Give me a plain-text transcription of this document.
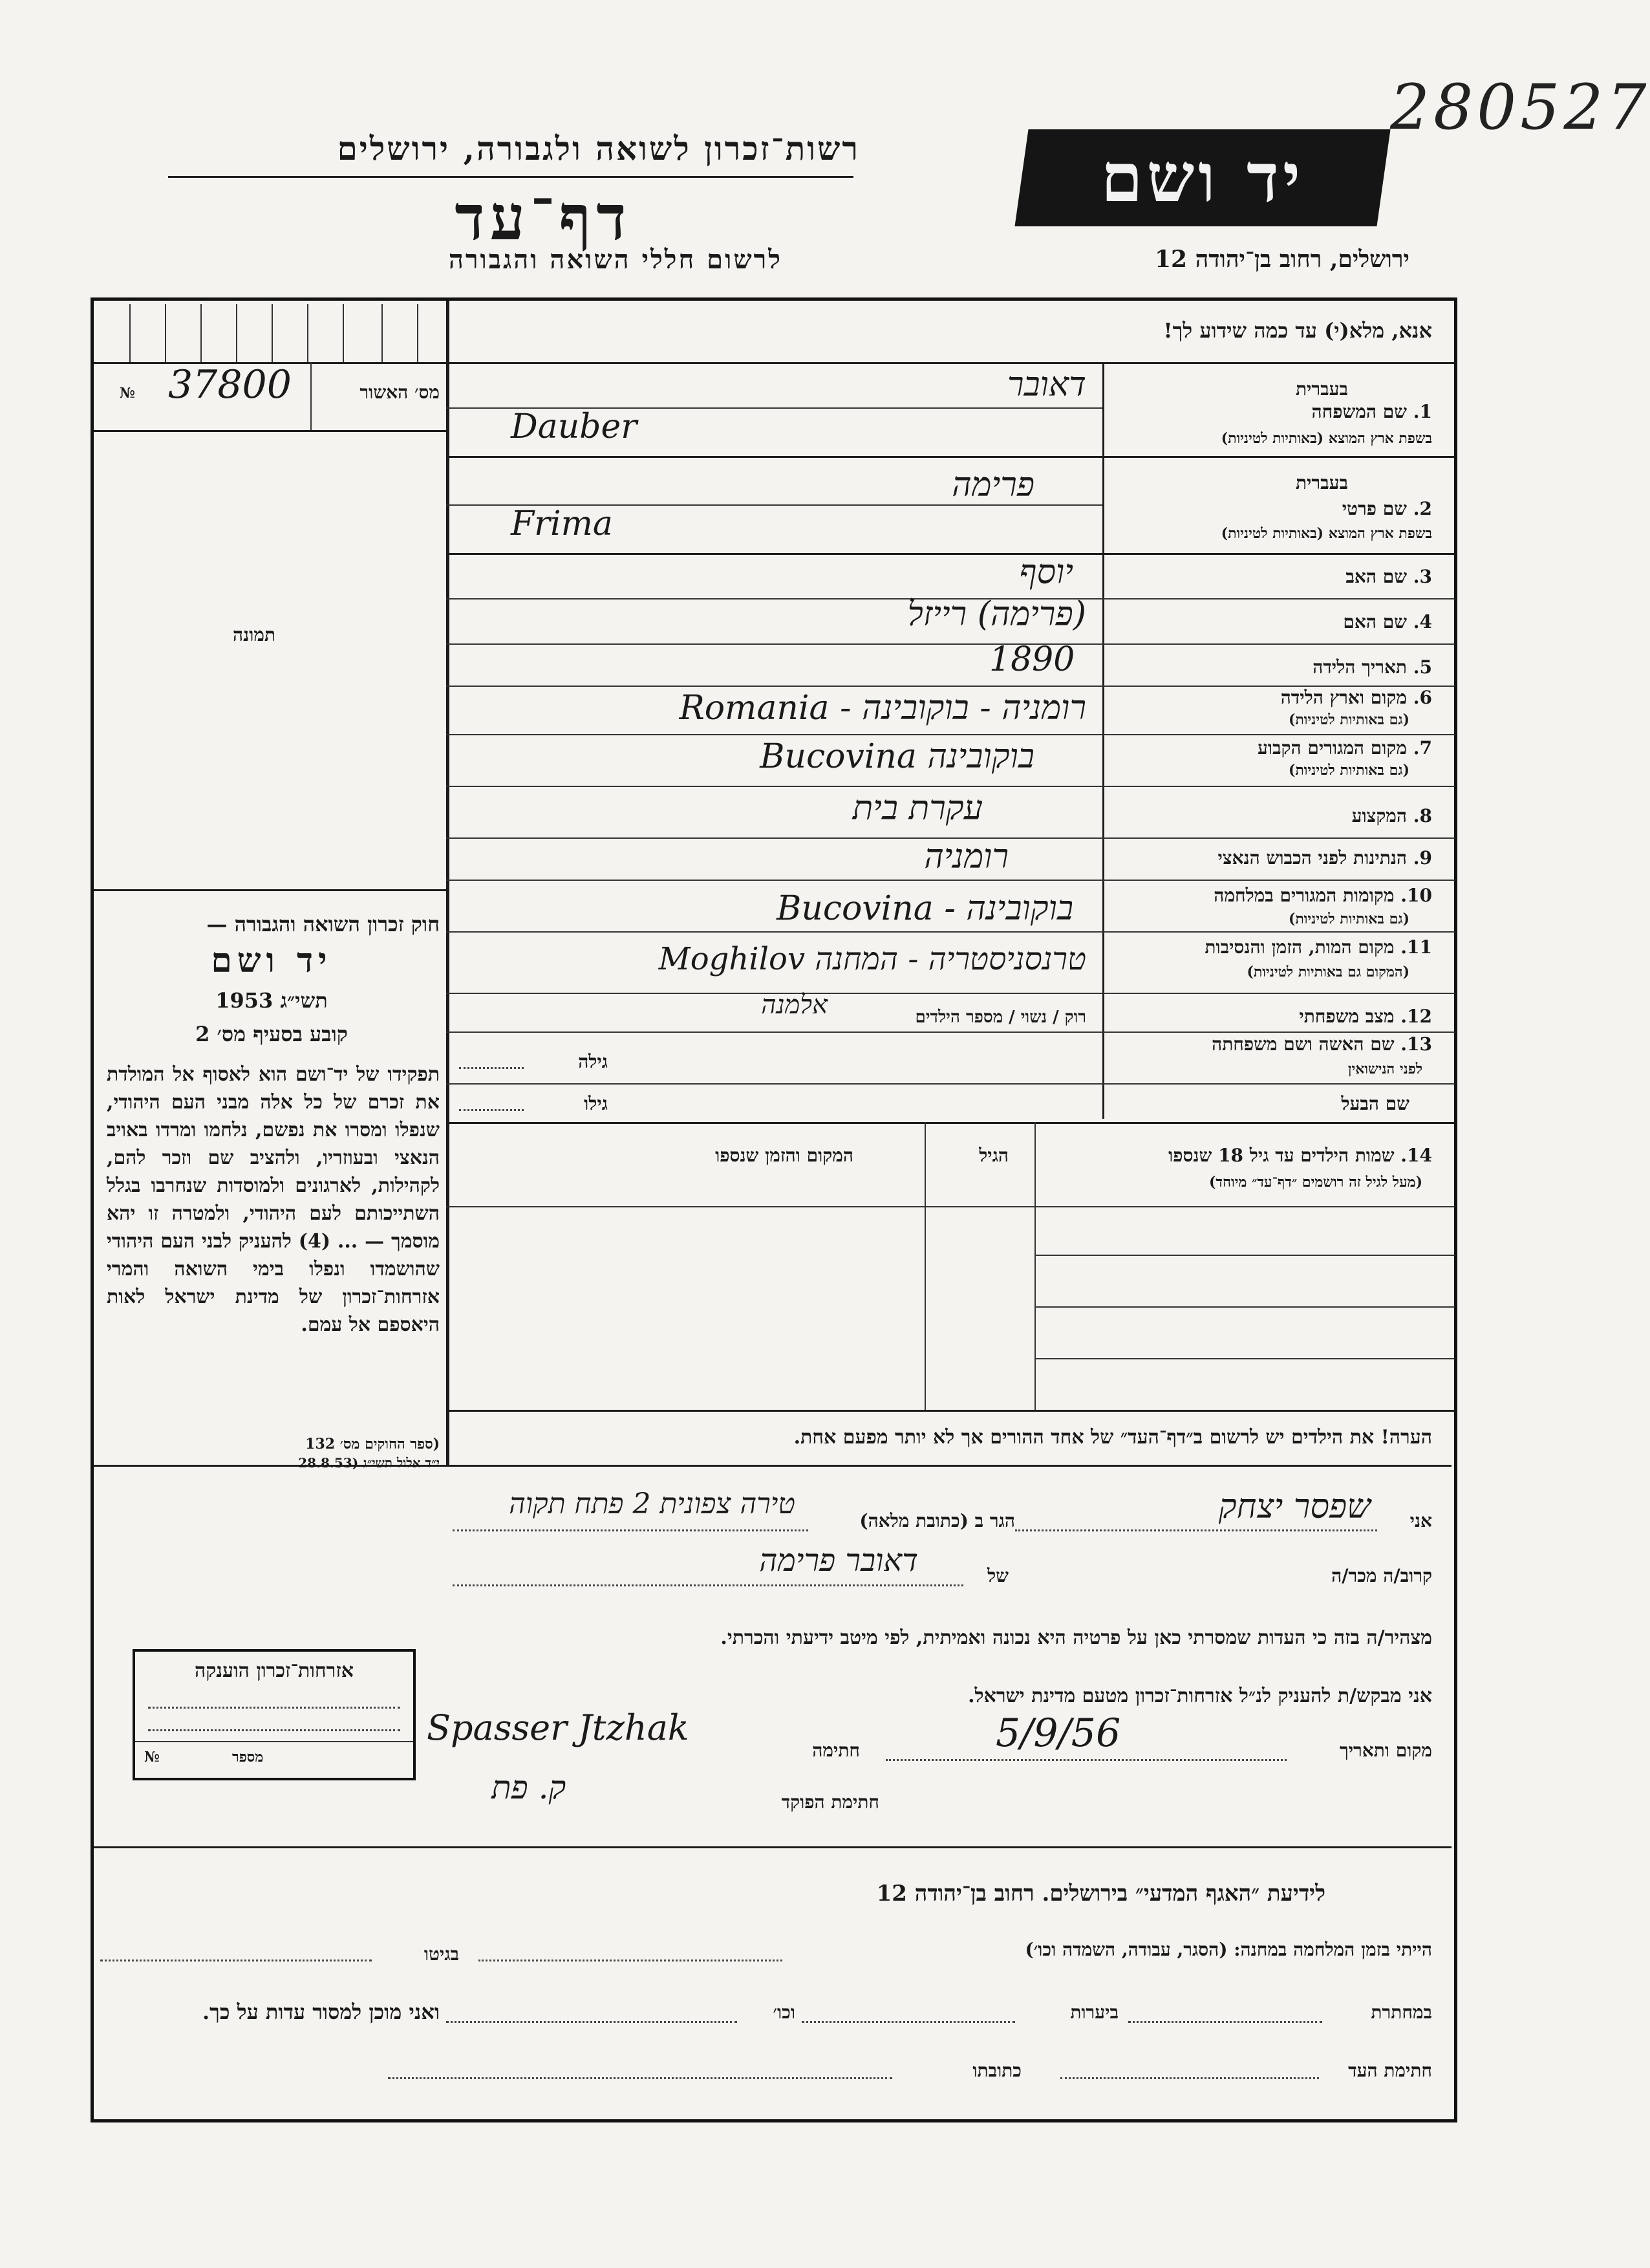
280527
רשות־זכרון לשואה ולגבורה, ירושלים
דף־עד
לרשום חללי השואה והגבורה
יד ושם
ירושלים, רחוב בן־יהודה 12
מס׳ האשור
№ 37800
תמונה
אנא, מלא(י) עד כמה שידוע לך!
בעברית
1. שם המשפחה
בשפת ארץ המוצא (באותיות לטיניות)
דאובר
Dauber
בעברית
2. שם פרטי
בשפת ארץ המוצא (באותיות לטיניות)
פרימה
Frima
3. שם האב
יוסף
4. שם האם
(פרימה) רייזל
5. תאריך הלידה
1890
6. מקום וארץ הלידה
(גם באותיות לטיניות)
רומניה - בוקובינה - Romania
7. מקום המגורים הקבוע
(גם באותיות לטיניות)
בוקובינה Bucovina
8. המקצוע
עקרת בית
9. הנתינות לפני הכבוש הנאצי
רומניה
10. מקומות המגורים במלחמה
(גם באותיות לטיניות)
בוקובינה - Bucovina
11. מקום המות, הזמן והנסיבות
(המקום גם באותיות לטיניות)
טרנסניסטריה - המחנה Moghilov
12. מצב משפחתי
רוק / נשוי / מספר הילדים
אלמנה
13. שם האשה ושם משפחתה
לפני הנישואין
גילה
שם הבעל
גילו
14. שמות הילדים עד גיל 18 שנספו
(מעל לגיל זה רושמים ״דף־עד״ מיוחד)
הגיל
המקום והזמן שנספו
הערה! את הילדים יש לרשום ב״דף־העד״ של אחד ההורים אך לא יותר מפעם אחת.
חוק זכרון השואה והגבורה —
יד ושם
תשי״ג 1953
קובע בסעיף מס׳ 2
תפקידו של יד־ושם הוא לאסוף אל המולדת את זכרם של כל אלה מבני העם היהודי, שנפלו ומסרו את נפשם, נלחמו ומרדו באויב הנאצי ובעוזריו, ולהציב שם וזכר להם, לקהילות, לארגונים ולמוסדות שנחרבו בגלל השתייכותם לעם היהודי, ולמטרה זו יהא מוסמך — ... (4) להעניק לבני העם היהודי שהושמדו ונפלו בימי השואה והמרי אזרחות־זכרון של מדינת ישראל לאות היאספם אל עמם.
(ספר החוקים מס׳ 132
י״ד אלול תשי״ג (28.8.53
אני
שפסר יצחק
הגר ב (כתובת מלאה)
טירה צפונית 2 פתח תקוה
קרוב/ה מכר/ה
של
דאובר פרימה
מצהיר/ה בזה כי העדות שמסרתי כאן על פרטיה היא נכונה ואמיתית, לפי מיטב ידיעתי והכרתי.
אני מבקש/ת להעניק לנ״ל אזרחות־זכרון מטעם מדינת ישראל.
מקום ותאריך
5/9/56
חתימה
Spasser Jtzhak
חתימת הפוקד
ק. פת
אזרחות־זכרון הוענקה
№	מספר
לידיעת ״האגף המדעי״ בירושלים. רחוב בן־יהודה 12
הייתי בזמן המלחמה במחנה: (הסגר, עבודה, השמדה וכו׳)
בגיטו
במחתרת
ביערות
וכו׳
ואני מוכן למסור עדות על כך.
חתימת העד
כתובתו
